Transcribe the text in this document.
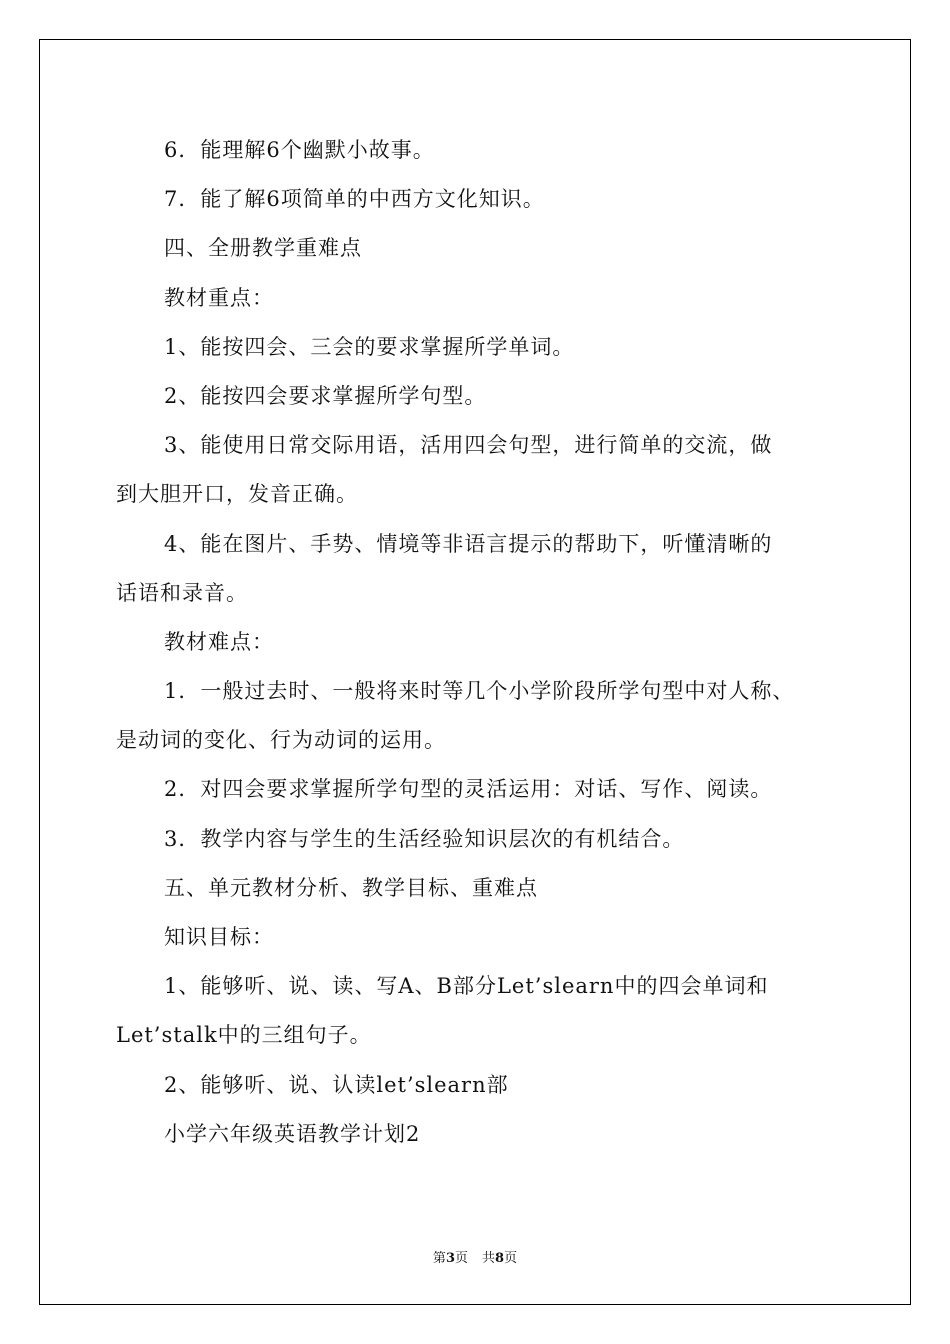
6．能理解6个幽默小故事。
7．能了解6项简单的中西方文化知识。
四、全册教学重难点
教材重点：
1、能按四会、三会的要求掌握所学单词。
2、能按四会要求掌握所学句型。
3、能使用日常交际用语，活用四会句型，进行简单的交流，做
到大胆开口，发音正确。
4、能在图片、手势、情境等非语言提示的帮助下，听懂清晰的
话语和录音。
教材难点：
1．一般过去时、一般将来时等几个小学阶段所学句型中对人称、
是动词的变化、行为动词的运用。
2．对四会要求掌握所学句型的灵活运用：对话、写作、阅读。
3．教学内容与学生的生活经验知识层次的有机结合。
五、单元教材分析、教学目标、重难点
知识目标：
1、能够听、说、读、写A、B部分Let’slearn中的四会单词和
Let’stalk中的三组句子。
2、能够听、说、认读let’slearn部
小学六年级英语教学计划2
第3页 共8页
